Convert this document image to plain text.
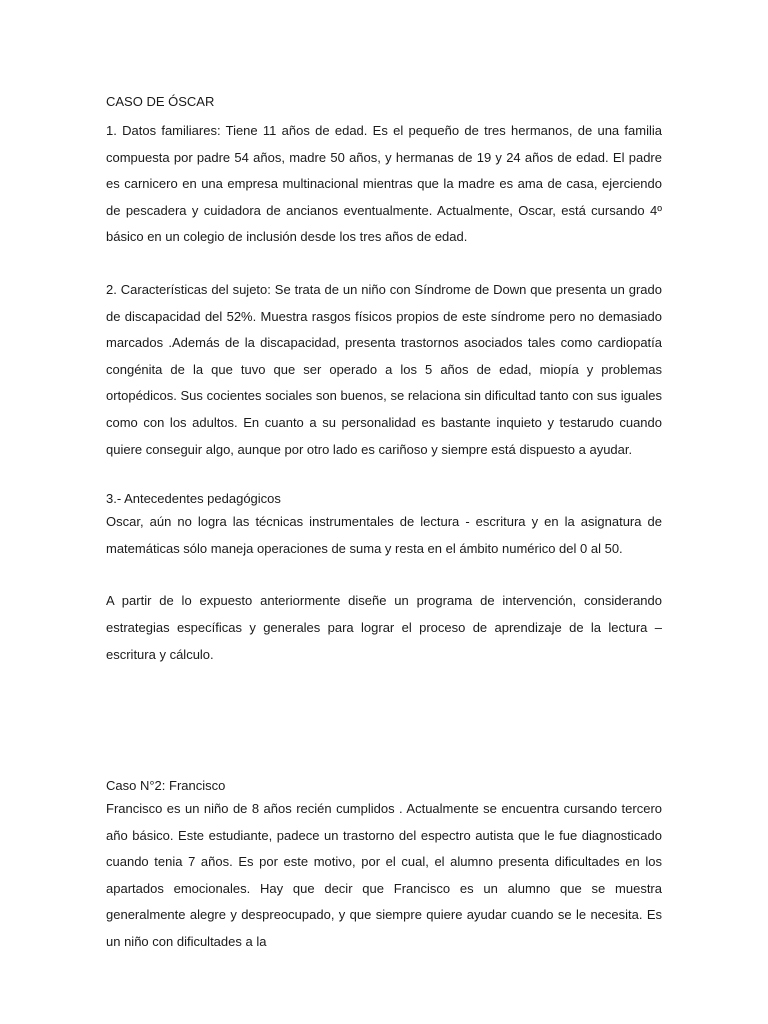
CASO DE ÓSCAR

1. Datos familiares: Tiene 11 años de edad. Es el pequeño de tres hermanos, de una familia compuesta por padre 54 años, madre 50 años, y hermanas de 19 y 24 años de edad. El padre es carnicero en una empresa multinacional mientras que la madre es ama de casa, ejerciendo de pescadera y cuidadora de ancianos eventualmente. Actualmente, Oscar, está cursando 4º básico en un colegio de inclusión desde los tres años de edad.

2. Características del sujeto: Se trata de un niño con Síndrome de Down que presenta un grado de discapacidad del 52%. Muestra rasgos físicos propios de este síndrome pero no demasiado marcados .Además de la discapacidad, presenta trastornos asociados tales como cardiopatía congénita de la que tuvo que ser operado a los 5 años de edad, miopía y problemas ortopédicos. Sus cocientes sociales son buenos, se relaciona sin dificultad tanto con sus iguales como con los adultos. En cuanto a su personalidad es bastante inquieto y testarudo cuando quiere conseguir algo, aunque por otro lado es cariñoso y siempre está dispuesto a ayudar.

3.- Antecedentes pedagógicos

Oscar, aún no logra las técnicas instrumentales de lectura - escritura y en la asignatura de matemáticas sólo maneja operaciones de suma y resta en el ámbito numérico del 0 al 50.

A partir de lo expuesto anteriormente diseñe un programa de intervención, considerando estrategias específicas y generales para lograr el proceso de aprendizaje de la lectura – escritura y cálculo.

Caso N°2: Francisco

Francisco es un niño de 8 años recién cumplidos . Actualmente se encuentra cursando tercero año básico. Este estudiante, padece un trastorno del espectro autista que le fue diagnosticado cuando tenia 7 años. Es por este motivo, por el cual, el alumno presenta dificultades en los apartados emocionales. Hay que decir que Francisco es un alumno que se muestra generalmente alegre y despreocupado, y que siempre quiere ayudar cuando se le necesita. Es un niño con dificultades a la
